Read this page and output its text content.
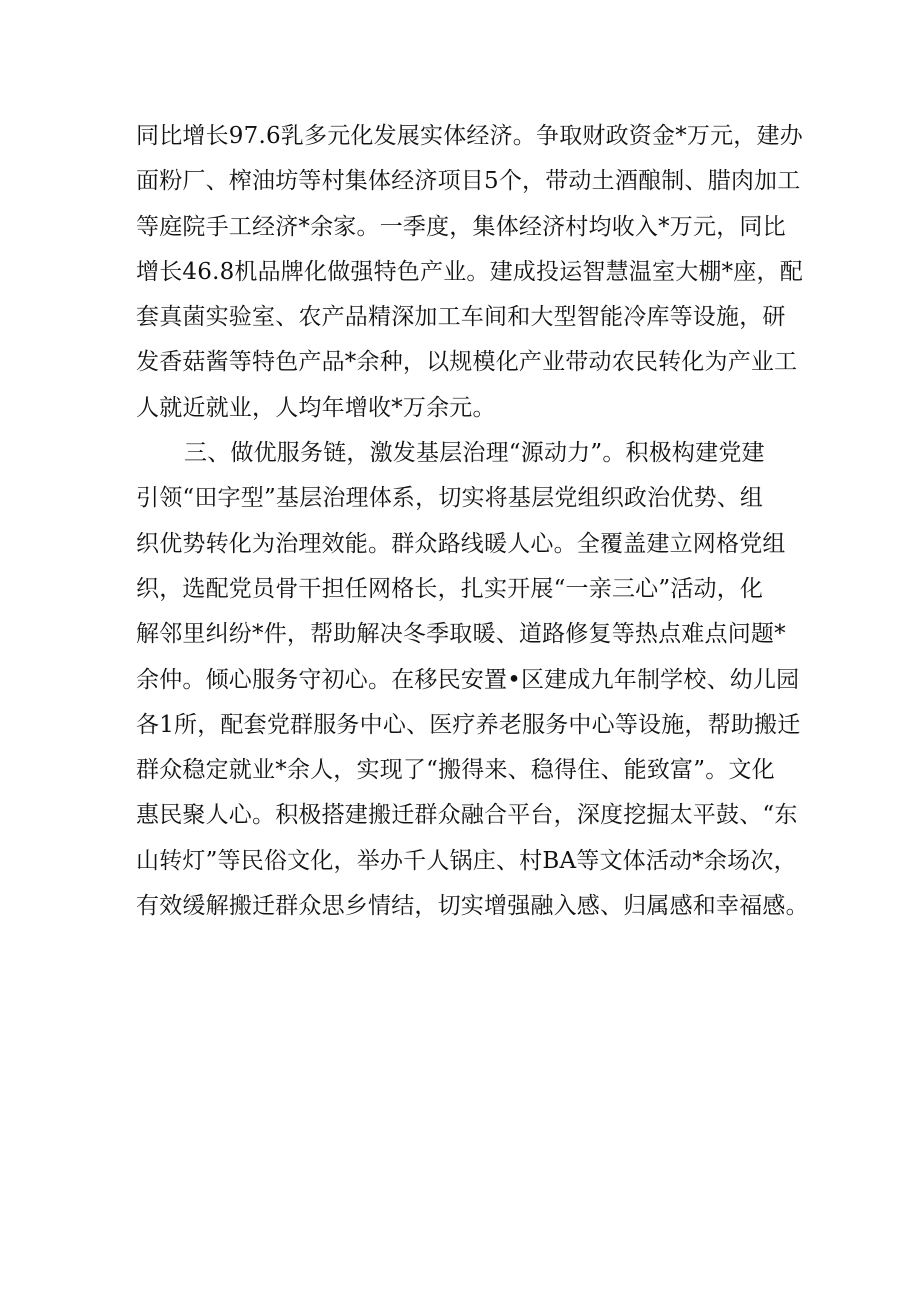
同比增长97.6乳多元化发展实体经济。争取财政资金*万元，建办
面粉厂、榨油坊等村集体经济项目5个，带动土酒酿制、腊肉加工
等庭院手工经济*余家。一季度，集体经济村均收入*万元，同比
增长46.8机品牌化做强特色产业。建成投运智慧温室大棚*座，配
套真菌实验室、农产品精深加工车间和大型智能冷库等设施，研
发香菇酱等特色产品*余种，以规模化产业带动农民转化为产业工
人就近就业，人均年增收*万余元。
三、做优服务链，激发基层治理“源动力”。积极构建党建
引领“田字型”基层治理体系，切实将基层党组织政治优势、组
织优势转化为治理效能。群众路线暖人心。全覆盖建立网格党组
织，选配党员骨干担任网格长，扎实开展“一亲三心”活动，化
解邻里纠纷*件，帮助解决冬季取暖、道路修复等热点难点问题*
余仲。倾心服务守初心。在移民安置•区建成九年制学校、幼儿园
各1所，配套党群服务中心、医疗养老服务中心等设施，帮助搬迁
群众稳定就业*余人，实现了“搬得来、稳得住、能致富”。文化
惠民聚人心。积极搭建搬迁群众融合平台，深度挖掘太平鼓、“东
山转灯”等民俗文化，举办千人锅庄、村BA等文体活动*余场次，
有效缓解搬迁群众思乡情结，切实增强融入感、归属感和幸福感。
